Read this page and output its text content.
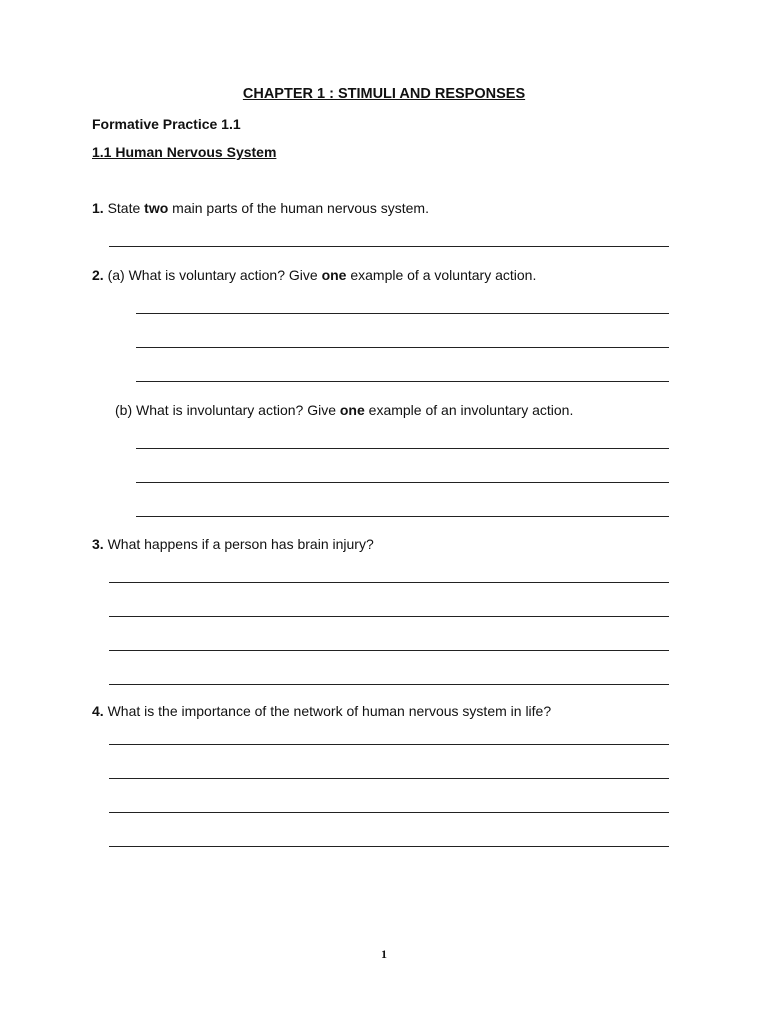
CHAPTER 1 : STIMULI AND RESPONSES
Formative Practice 1.1
1.1 Human Nervous System
1. State two main parts of the human nervous system.
2. (a) What is voluntary action? Give one example of a voluntary action.
(b) What is involuntary action? Give one example of an involuntary action.
3. What happens if a person has brain injury?
4. What is the importance of the network of human nervous system in life?
1
